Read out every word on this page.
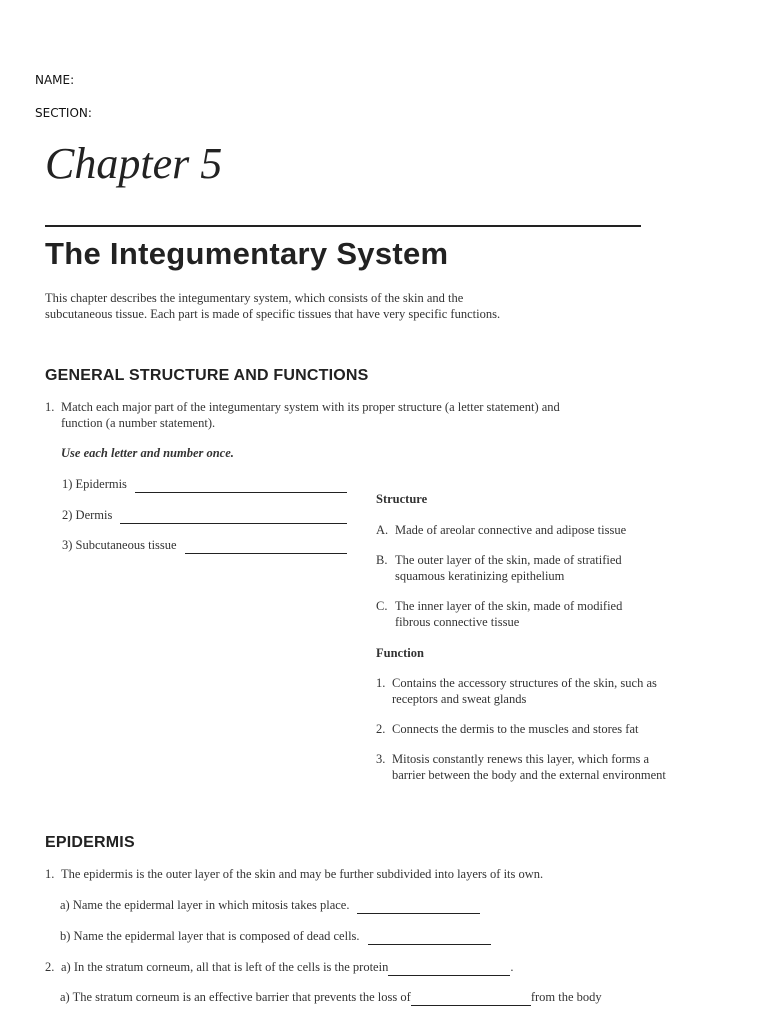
NAME:
SECTION:
Chapter 5
The Integumentary System
This chapter describes the integumentary system, which consists of the skin and the subcutaneous tissue. Each part is made of specific tissues that have very specific functions.
GENERAL STRUCTURE AND FUNCTIONS
1. Match each major part of the integumentary system with its proper structure (a letter statement) and function (a number statement).
Use each letter and number once.
1) Epidermis
2) Dermis
3) Subcutaneous tissue
Structure
A. Made of areolar connective and adipose tissue
B. The outer layer of the skin, made of stratified squamous keratinizing epithelium
C. The inner layer of the skin, made of modified fibrous connective tissue
Function
1. Contains the accessory structures of the skin, such as receptors and sweat glands
2. Connects the dermis to the muscles and stores fat
3. Mitosis constantly renews this layer, which forms a barrier between the body and the external environment
EPIDERMIS
1. The epidermis is the outer layer of the skin and may be further subdivided into layers of its own.
a) Name the epidermal layer in which mitosis takes place.
b) Name the epidermal layer that is composed of dead cells.
2. a) In the stratum corneum, all that is left of the cells is the protein	.
a) The stratum corneum is an effective barrier that prevents the loss of	from the body
